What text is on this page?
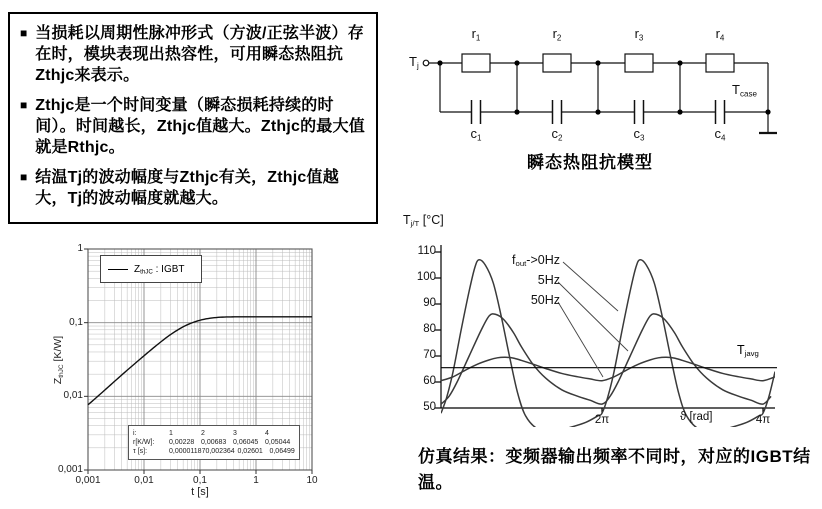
■ 当损耗以周期性脉冲形式（方波/正弦半波）存在时，模块表现出热容性，可用瞬态热阻抗Zthjc来表示。
■ Zthjc是一个时间变量（瞬态损耗持续的时间）。时间越长，Zthjc值越大。Zthjc的最大值就是Rthjc。
■ 结温Tj的波动幅度与Zthjc有关，Zthjc值越大，Tj的波动幅度就越大。
$T_j$
$r_1$	$r_2$	$r_3$	$r_4$
$c_1$	$c_2$	$c_3$	$c_4$
$T_{case}$
瞬态热阻抗模型
$Z_{thJC}$ [K/W]
t [s]
$Z_{thJC}$ : IGBT
i:	1	2	3	4
r[K/W]:	0,00228 0,00683 0,06045 0,05044
τ [s]:	0,00001187 0,002364 0,02601 0,06499
1
0,1
0,01
0,001
0,001	0,01	0,1	1	10
$T_{j/T}$ [°C]
$f_{out}->0Hz$
5Hz
50Hz
$T_{javg}$
ϑ [rad]
110
100
90
80
70
60
50
2π	4π
仿真结果：变频器输出频率不同时，对应的IGBT结温。
